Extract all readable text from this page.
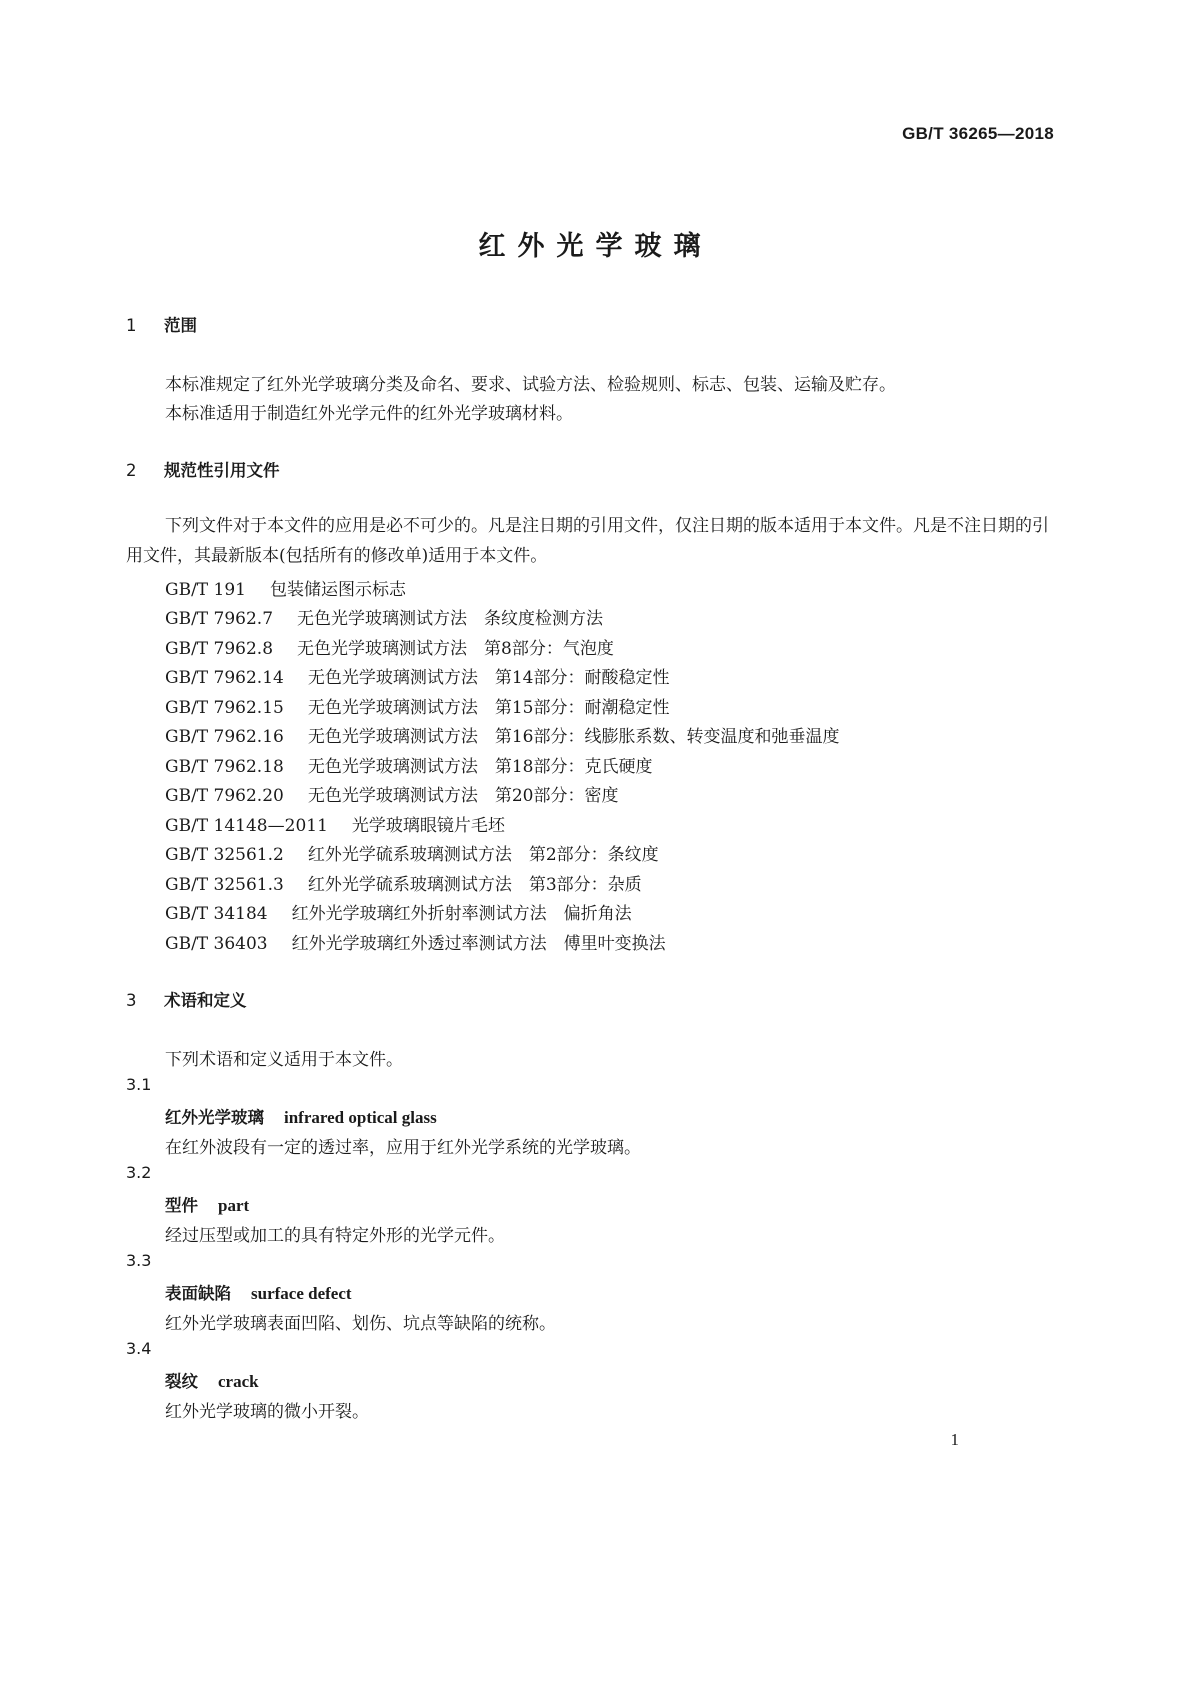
GB/T 36265—2018
红外光学玻璃
1 范围
本标准规定了红外光学玻璃分类及命名、要求、试验方法、检验规则、标志、包装、运输及贮存。
本标准适用于制造红外光学元件的红外光学玻璃材料。
2 规范性引用文件

下列文件对于本文件的应用是必不可少的。凡是注日期的引用文件，仅注日期的版本适用于本文件。凡是不注日期的引用文件，其最新版本(包括所有的修改单)适用于本文件。

GB/T 191 包装储运图示标志
GB/T 7962.7 无色光学玻璃测试方法　条纹度检测方法
GB/T 7962.8 无色光学玻璃测试方法　第8部分：气泡度
GB/T 7962.14 无色光学玻璃测试方法　第14部分：耐酸稳定性
GB/T 7962.15 无色光学玻璃测试方法　第15部分：耐潮稳定性
GB/T 7962.16 无色光学玻璃测试方法　第16部分：线膨胀系数、转变温度和弛垂温度
GB/T 7962.18 无色光学玻璃测试方法　第18部分：克氏硬度
GB/T 7962.20 无色光学玻璃测试方法　第20部分：密度
GB/T 14148—2011 光学玻璃眼镜片毛坯
GB/T 32561.2 红外光学硫系玻璃测试方法　第2部分：条纹度
GB/T 32561.3 红外光学硫系玻璃测试方法　第3部分：杂质
GB/T 34184 红外光学玻璃红外折射率测试方法　偏折角法
GB/T 36403 红外光学玻璃红外透过率测试方法　傅里叶变换法
3 术语和定义
下列术语和定义适用于本文件。
3.1
红外光学玻璃 infrared optical glass
在红外波段有一定的透过率，应用于红外光学系统的光学玻璃。
3.2
型件 part
经过压型或加工的具有特定外形的光学元件。
3.3
表面缺陷 surface defect
红外光学玻璃表面凹陷、划伤、坑点等缺陷的统称。
3.4
裂纹 crack
红外光学玻璃的微小开裂。
1
